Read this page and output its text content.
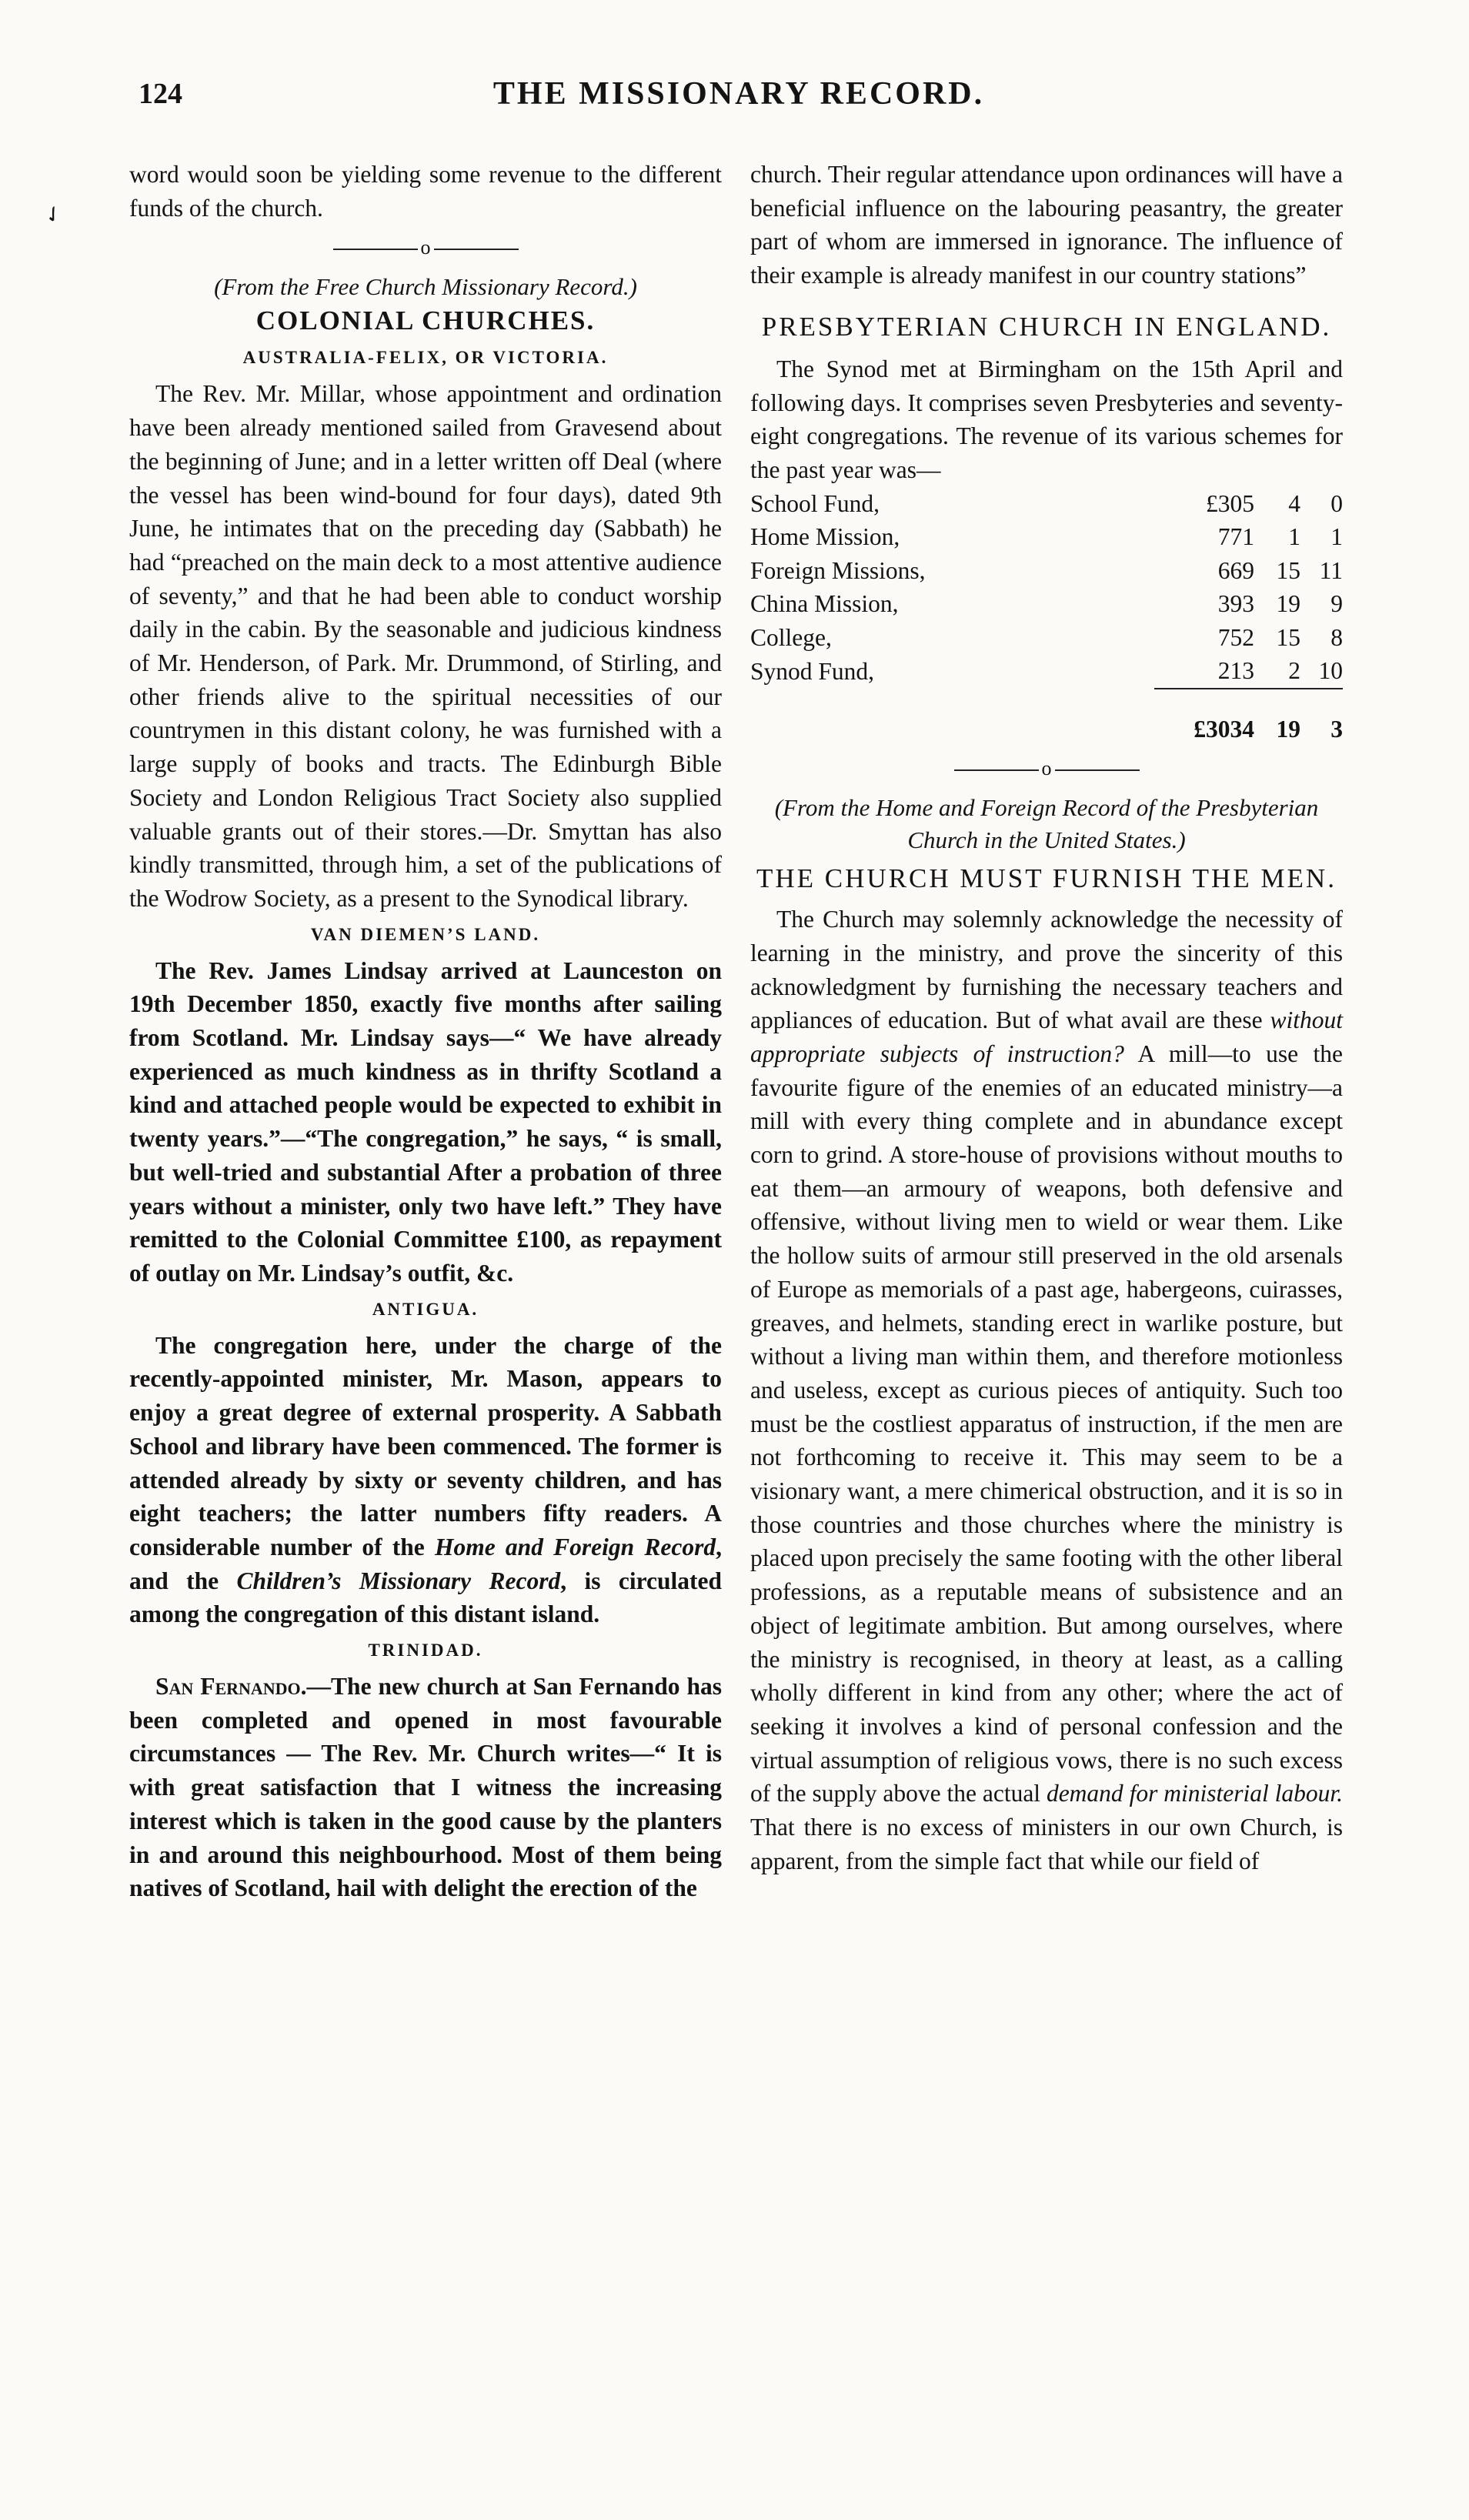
✓
124	THE MISSIONARY RECORD.

word would soon be yielding some revenue to the different funds of the church.

o

(From the Free Church Missionary Record.)

COLONIAL CHURCHES.

AUSTRALIA-FELIX, OR VICTORIA.

The Rev. Mr. Millar, whose appointment and ordination have been already mentioned sailed from Gravesend about the beginning of June; and in a letter written off Deal (where the vessel has been wind-bound for four days), dated 9th June, he intimates that on the preceding day (Sabbath) he had “preached on the main deck to a most attentive audience of seventy,” and that he had been able to conduct worship daily in the cabin. By the seasonable and judicious kindness of Mr. Henderson, of Park. Mr. Drummond, of Stirling, and other friends alive to the spiritual necessities of our countrymen in this distant colony, he was furnished with a large supply of books and tracts. The Edinburgh Bible Society and London Religious Tract Society also supplied valuable grants out of their stores.—Dr. Smyttan has also kindly transmitted, through him, a set of the publications of the Wodrow Society, as a present to the Synodical library.

VAN DIEMEN’S LAND.

The Rev. James Lindsay arrived at Launceston on 19th December 1850, exactly five months after sailing from Scotland. Mr. Lindsay says—“ We have already experienced as much kindness as in thrifty Scotland a kind and attached people would be expected to exhibit in twenty years.”—“The congregation,” he says, “ is small, but well-tried and substantial After a probation of three years without a minister, only two have left.” They have remitted to the Colonial Committee £100, as repayment of outlay on Mr. Lindsay’s outfit, &c.

ANTIGUA.

The congregation here, under the charge of the recently-appointed minister, Mr. Mason, appears to enjoy a great degree of external prosperity. A Sabbath School and library have been commenced. The former is attended already by sixty or seventy children, and has eight teachers; the latter numbers fifty readers. A considerable number of the Home and Foreign Record, and the Children’s Missionary Record, is circulated among the congregation of this distant island.

TRINIDAD.

San Fernando.—The new church at San Fernando has been completed and opened in most favourable circumstances — The Rev. Mr. Church writes—“ It is with great satisfaction that I witness the increasing interest which is taken in the good cause by the planters in and around this neighbourhood. Most of them being natives of Scotland, hail with delight the erection of the

church. Their regular attendance upon ordinances will have a beneficial influence on the labouring peasantry, the greater part of whom are immersed in ignorance. The influence of their example is already manifest in our country stations”

PRESBYTERIAN CHURCH IN ENGLAND.

The Synod met at Birmingham on the 15th April and following days. It comprises seven Presbyteries and seventy-eight congregations. The revenue of its various schemes for the past year was—

School Fund,	£305	4	0
Home Mission,	771	1	1
Foreign Missions,	669	15	11
China Mission,	393	19	9
College,	752	15	8
Synod Fund,	213	2	10
	£3034	19	3
o

(From the Home and Foreign Record of the Presbyterian Church in the United States.)

THE CHURCH MUST FURNISH THE MEN.

The Church may solemnly acknowledge the necessity of learning in the ministry, and prove the sincerity of this acknowledgment by furnishing the necessary teachers and appliances of education. But of what avail are these without appropriate subjects of instruction? A mill—to use the favourite figure of the enemies of an educated ministry—a mill with every thing complete and in abundance except corn to grind. A store-house of provisions without mouths to eat them—an armoury of weapons, both defensive and offensive, without living men to wield or wear them. Like the hollow suits of armour still preserved in the old arsenals of Europe as memorials of a past age, habergeons, cuirasses, greaves, and helmets, standing erect in warlike posture, but without a living man within them, and therefore motionless and useless, except as curious pieces of antiquity. Such too must be the costliest apparatus of instruction, if the men are not forthcoming to receive it. This may seem to be a visionary want, a mere chimerical obstruction, and it is so in those countries and those churches where the ministry is placed upon precisely the same footing with the other liberal professions, as a reputable means of subsistence and an object of legitimate ambition. But among ourselves, where the ministry is recognised, in theory at least, as a calling wholly different in kind from any other; where the act of seeking it involves a kind of personal confession and the virtual assumption of religious vows, there is no such excess of the supply above the actual demand for ministerial labour. That there is no excess of ministers in our own Church, is apparent, from the simple fact that while our field of
